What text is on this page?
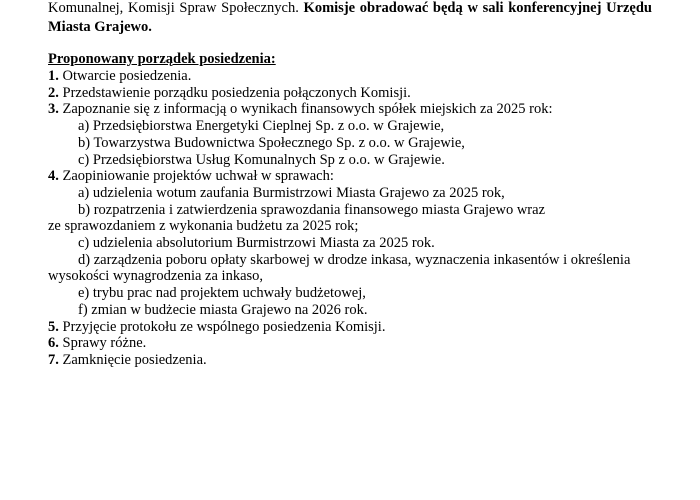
Komunalnej, Komisji Spraw Społecznych. Komisje obradować będą w sali konferencyjnej Urzędu
Miasta Grajewo.
Proponowany porządek posiedzenia:
1. Otwarcie posiedzenia.
2. Przedstawienie porządku posiedzenia połączonych Komisji.
3. Zapoznanie się z informacją o wynikach finansowych spółek miejskich za 2025 rok:
a) Przedsiębiorstwa Energetyki Cieplnej Sp. z o.o. w Grajewie,
b) Towarzystwa Budownictwa Społecznego Sp. z o.o. w Grajewie,
c) Przedsiębiorstwa Usług Komunalnych Sp z o.o. w Grajewie.
4. Zaopiniowanie projektów uchwał w sprawach:
a) udzielenia wotum zaufania Burmistrzowi Miasta Grajewo za 2025 rok,
b) rozpatrzenia i zatwierdzenia sprawozdania finansowego miasta Grajewo wraz
ze sprawozdaniem z wykonania budżetu za 2025 rok;
c) udzielenia absolutorium Burmistrzowi Miasta za 2025 rok.
d) zarządzenia poboru opłaty skarbowej w drodze inkasa, wyznaczenia inkasentów i określenia
wysokości wynagrodzenia za inkaso,
e) trybu prac nad projektem uchwały budżetowej,
f) zmian w budżecie miasta Grajewo na 2026 rok.
5. Przyjęcie protokołu ze wspólnego posiedzenia Komisji.
6. Sprawy różne.
7. Zamknięcie posiedzenia.
